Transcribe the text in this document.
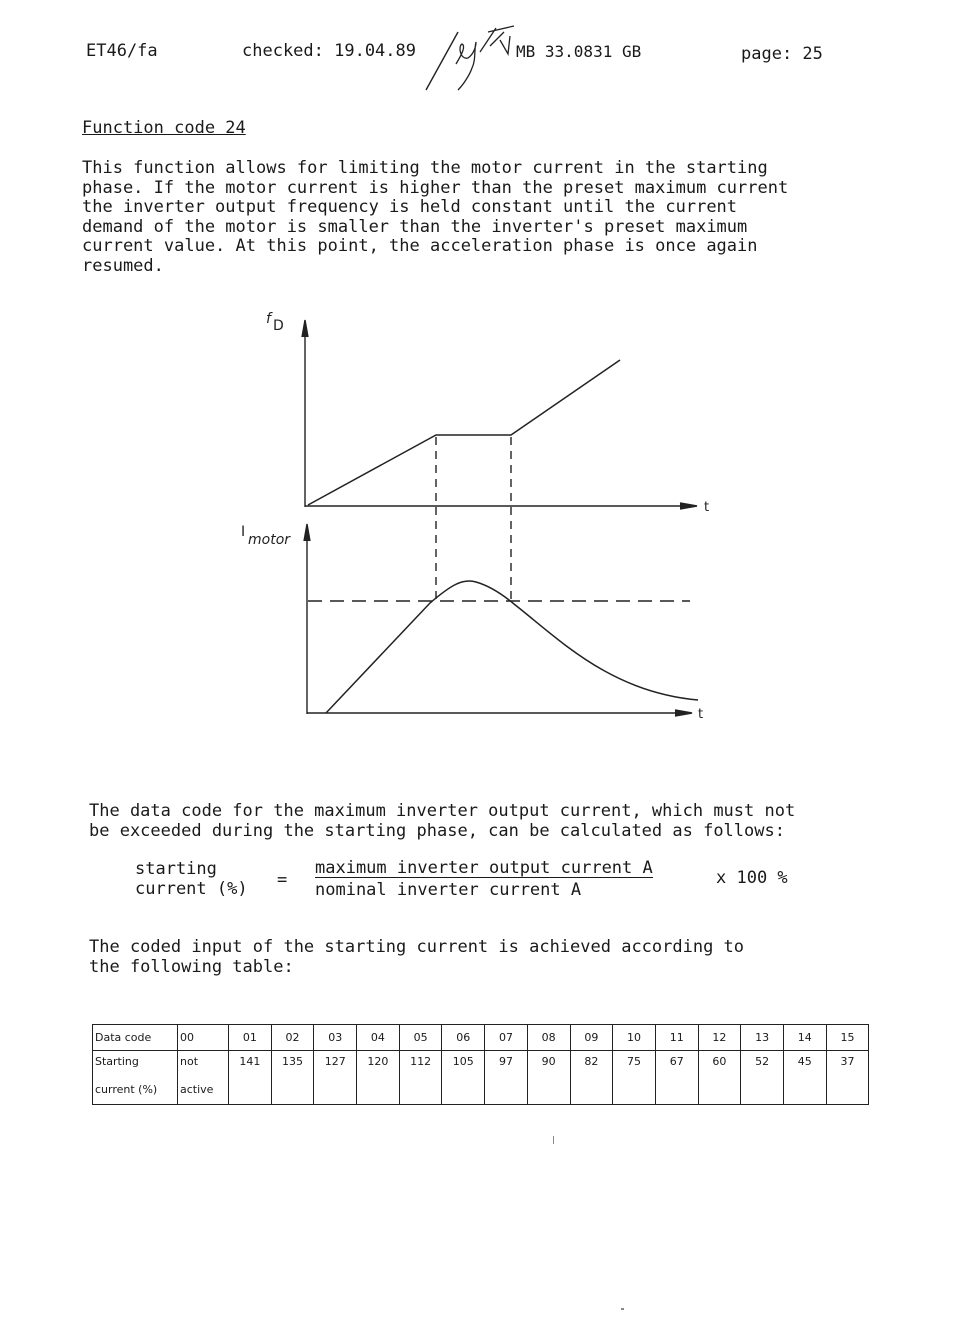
ET46/fa	checked: 19.04.89	MB 33.0831 GB	page: 25
Function code 24
This function allows for limiting the motor current in the starting
phase. If the motor current is higher than the preset maximum current
the inverter output frequency is held constant until the current
demand of the motor is smaller than the inverter's preset maximum
current value. At this point, the acceleration phase is once again
resumed.
f D
I motor
t
t
The data code for the maximum inverter output current, which must not
be exceeded during the starting phase, can be calculated as follows:
starting
current (%) =
maximum inverter output current A
nominal inverter current A
x 100 %
The coded input of the starting current is achieved according to
the following table:
Data code	00	01	02	03	04	05	06	07	08	09	10	11	12	13	14	15
Starting	not	141	135	127	120	112	105	97	90	82	75	67	60	52	45	37
current (%)	active															
